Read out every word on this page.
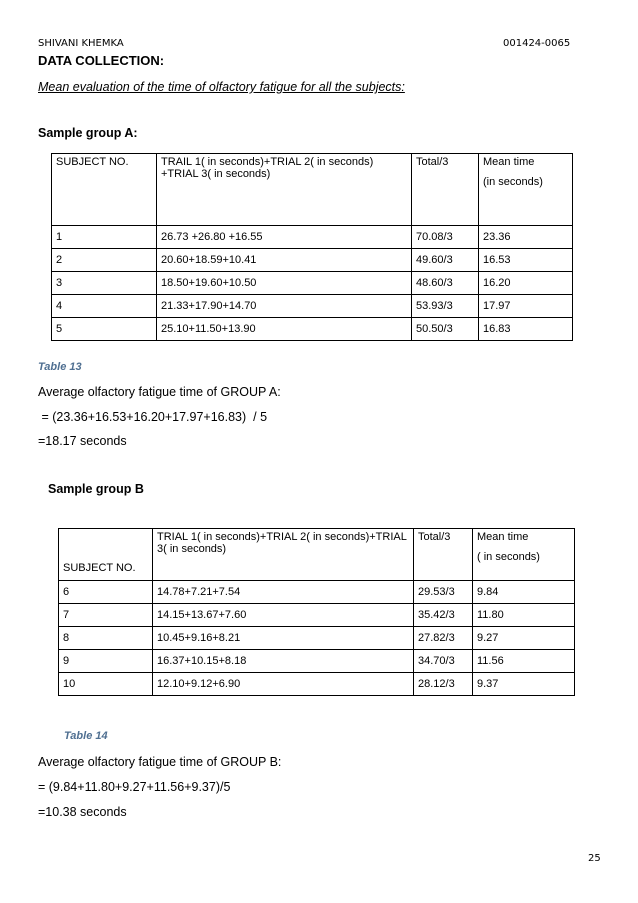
SHIVANI KHEMKA	001424-0065
DATA COLLECTION:
Mean evaluation of the time of olfactory fatigue for all the subjects:
Sample group A:
SUBJECT NO.	TRAIL 1( in seconds)+TRIAL 2( in seconds) +TRIAL 3( in seconds)	Total/3	Mean time
(in seconds)

1	26.73 +26.80 +16.55	70.08/3	23.36
2	20.60+18.59+10.41	49.60/3	16.53
3	18.50+19.60+10.50	48.60/3	16.20
4	21.33+17.90+14.70	53.93/3	17.97
5	25.10+11.50+13.90	50.50/3	16.83
Table 13
Average olfactory fatigue time of GROUP A:
= (23.36+16.53+16.20+17.97+16.83)  / 5
=18.17 seconds
Sample group B
SUBJECT NO.	TRIAL 1( in seconds)+TRIAL 2( in seconds)+TRIAL 3( in seconds)	Total/3	Mean time
( in seconds)

6	14.78+7.21+7.54	29.53/3	9.84
7	14.15+13.67+7.60	35.42/3	11.80
8	10.45+9.16+8.21	27.82/3	9.27
9	16.37+10.15+8.18	34.70/3	11.56
10	12.10+9.12+6.90	28.12/3	9.37
Table 14
Average olfactory fatigue time of GROUP B:
= (9.84+11.80+9.27+11.56+9.37)/5
=10.38 seconds
25
